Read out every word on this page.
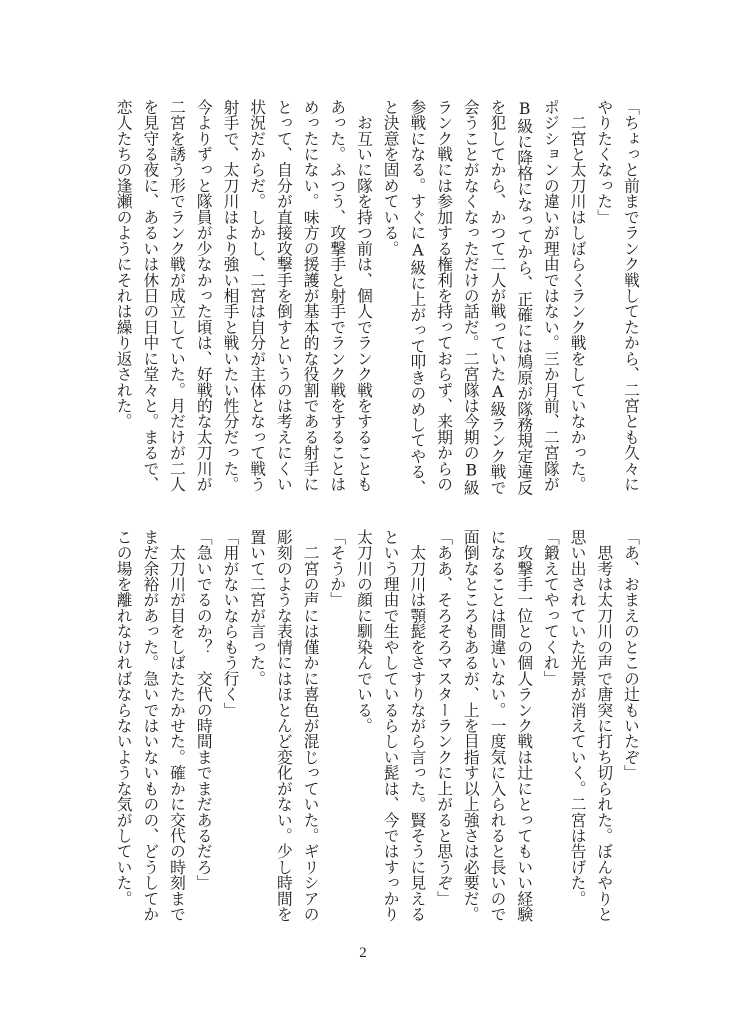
「ちょっと前までランク戦してたから、二宮とも久々に
やりたくなった」
　二宮と太刀川はしばらくランク戦をしていなかった。
ポジションの違いが理由ではない。三か月前、二宮隊が
B級に降格になってから、正確には鳩原が隊務規定違反
を犯してから、かつて二人が戦っていたA級ランク戦で
会うことがなくなっただけの話だ。二宮隊は今期のB級
ランク戦には参加する権利を持っておらず、来期からの
参戦になる。すぐにA級に上がって叩きのめしてやる、
と決意を固めている。
　お互いに隊を持つ前は、個人でランク戦をすることも
あった。ふつう、攻撃手と射手でランク戦をすることは
めったにない。味方の援護が基本的な役割である射手に
とって、自分が直接攻撃手を倒すというのは考えにくい
状況だからだ。しかし、二宮は自分が主体となって戦う
射手で、太刀川はより強い相手と戦いたい性分だった。
今よりずっと隊員が少なかった頃は、好戦的な太刀川が
二宮を誘う形でランク戦が成立していた。月だけが二人
を見守る夜に、あるいは休日の日中に堂々と。まるで、
恋人たちの逢瀬のようにそれは繰り返された。
「あ、おまえのとこの辻もいたぞ」
　思考は太刀川の声で唐突に打ち切られた。ぼんやりと
思い出されていた光景が消えていく。二宮は告げた。
「鍛えてやってくれ」
　攻撃手一位との個人ランク戦は辻にとってもいい経験
になることは間違いない。一度気に入られると長いので
面倒なところもあるが、上を目指す以上強さは必要だ。
「ああ、そろそろマスターランクに上がると思うぞ」
　太刀川は顎髭をさすりながら言った。賢そうに見える
という理由で生やしているらしい髭は、今ではすっかり
太刀川の顔に馴染んでいる。
「そうか」
　二宮の声には僅かに喜色が混じっていた。ギリシアの
彫刻のような表情にはほとんど変化がない。少し時間を
置いて二宮が言った。
「用がないならもう行く」
「急いでるのか？　交代の時間までまだあるだろ」
　太刀川が目をしばたたかせた。確かに交代の時刻まで
まだ余裕があった。急いではいないものの、どうしてか
この場を離れなければならないような気がしていた。
2
